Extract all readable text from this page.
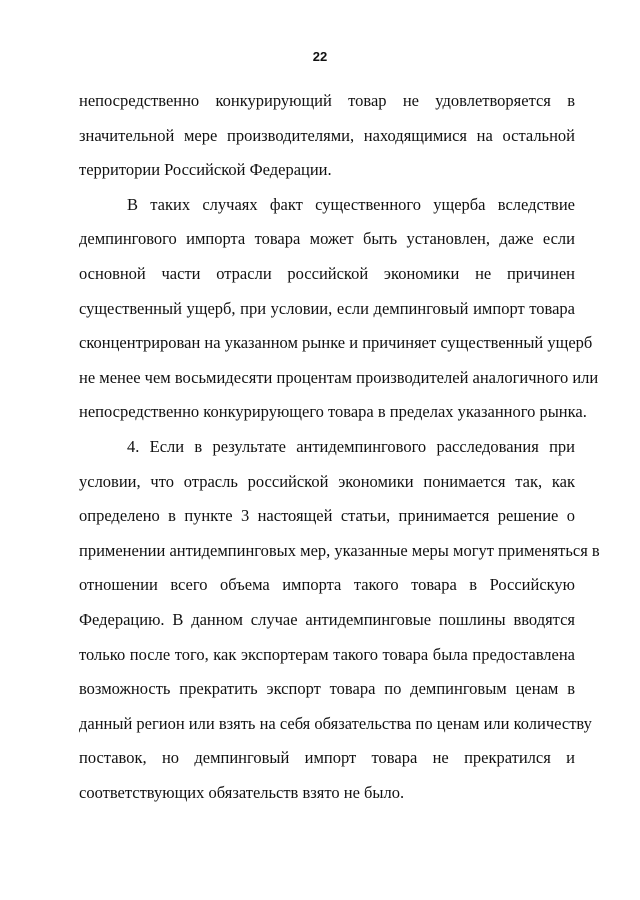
22

непосредственно конкурирующий товар не удовлетворяется в
значительной мере производителями, находящимися на остальной
территории Российской Федерации.

В таких случаях факт существенного ущерба вследствие
демпингового импорта товара может быть установлен, даже если
основной части отрасли российской экономики не причинен
существенный ущерб, при условии, если демпинговый импорт товара
сконцентрирован на указанном рынке и причиняет существенный ущерб
не менее чем восьмидесяти процентам производителей аналогичного или
непосредственно конкурирующего товара в пределах указанного рынка.

4. Если в результате антидемпингового расследования при
условии, что отрасль российской экономики понимается так, как
определено в пункте 3 настоящей статьи, принимается решение о
применении антидемпинговых мер, указанные меры могут применяться в
отношении всего объема импорта такого товара в Российскую
Федерацию. В данном случае антидемпинговые пошлины вводятся
только после того, как экспортерам такого товара была предоставлена
возможность прекратить экспорт товара по демпинговым ценам в
данный регион или взять на себя обязательства по ценам или количеству
поставок, но демпинговый импорт товара не прекратился и
соответствующих обязательств взято не было.
